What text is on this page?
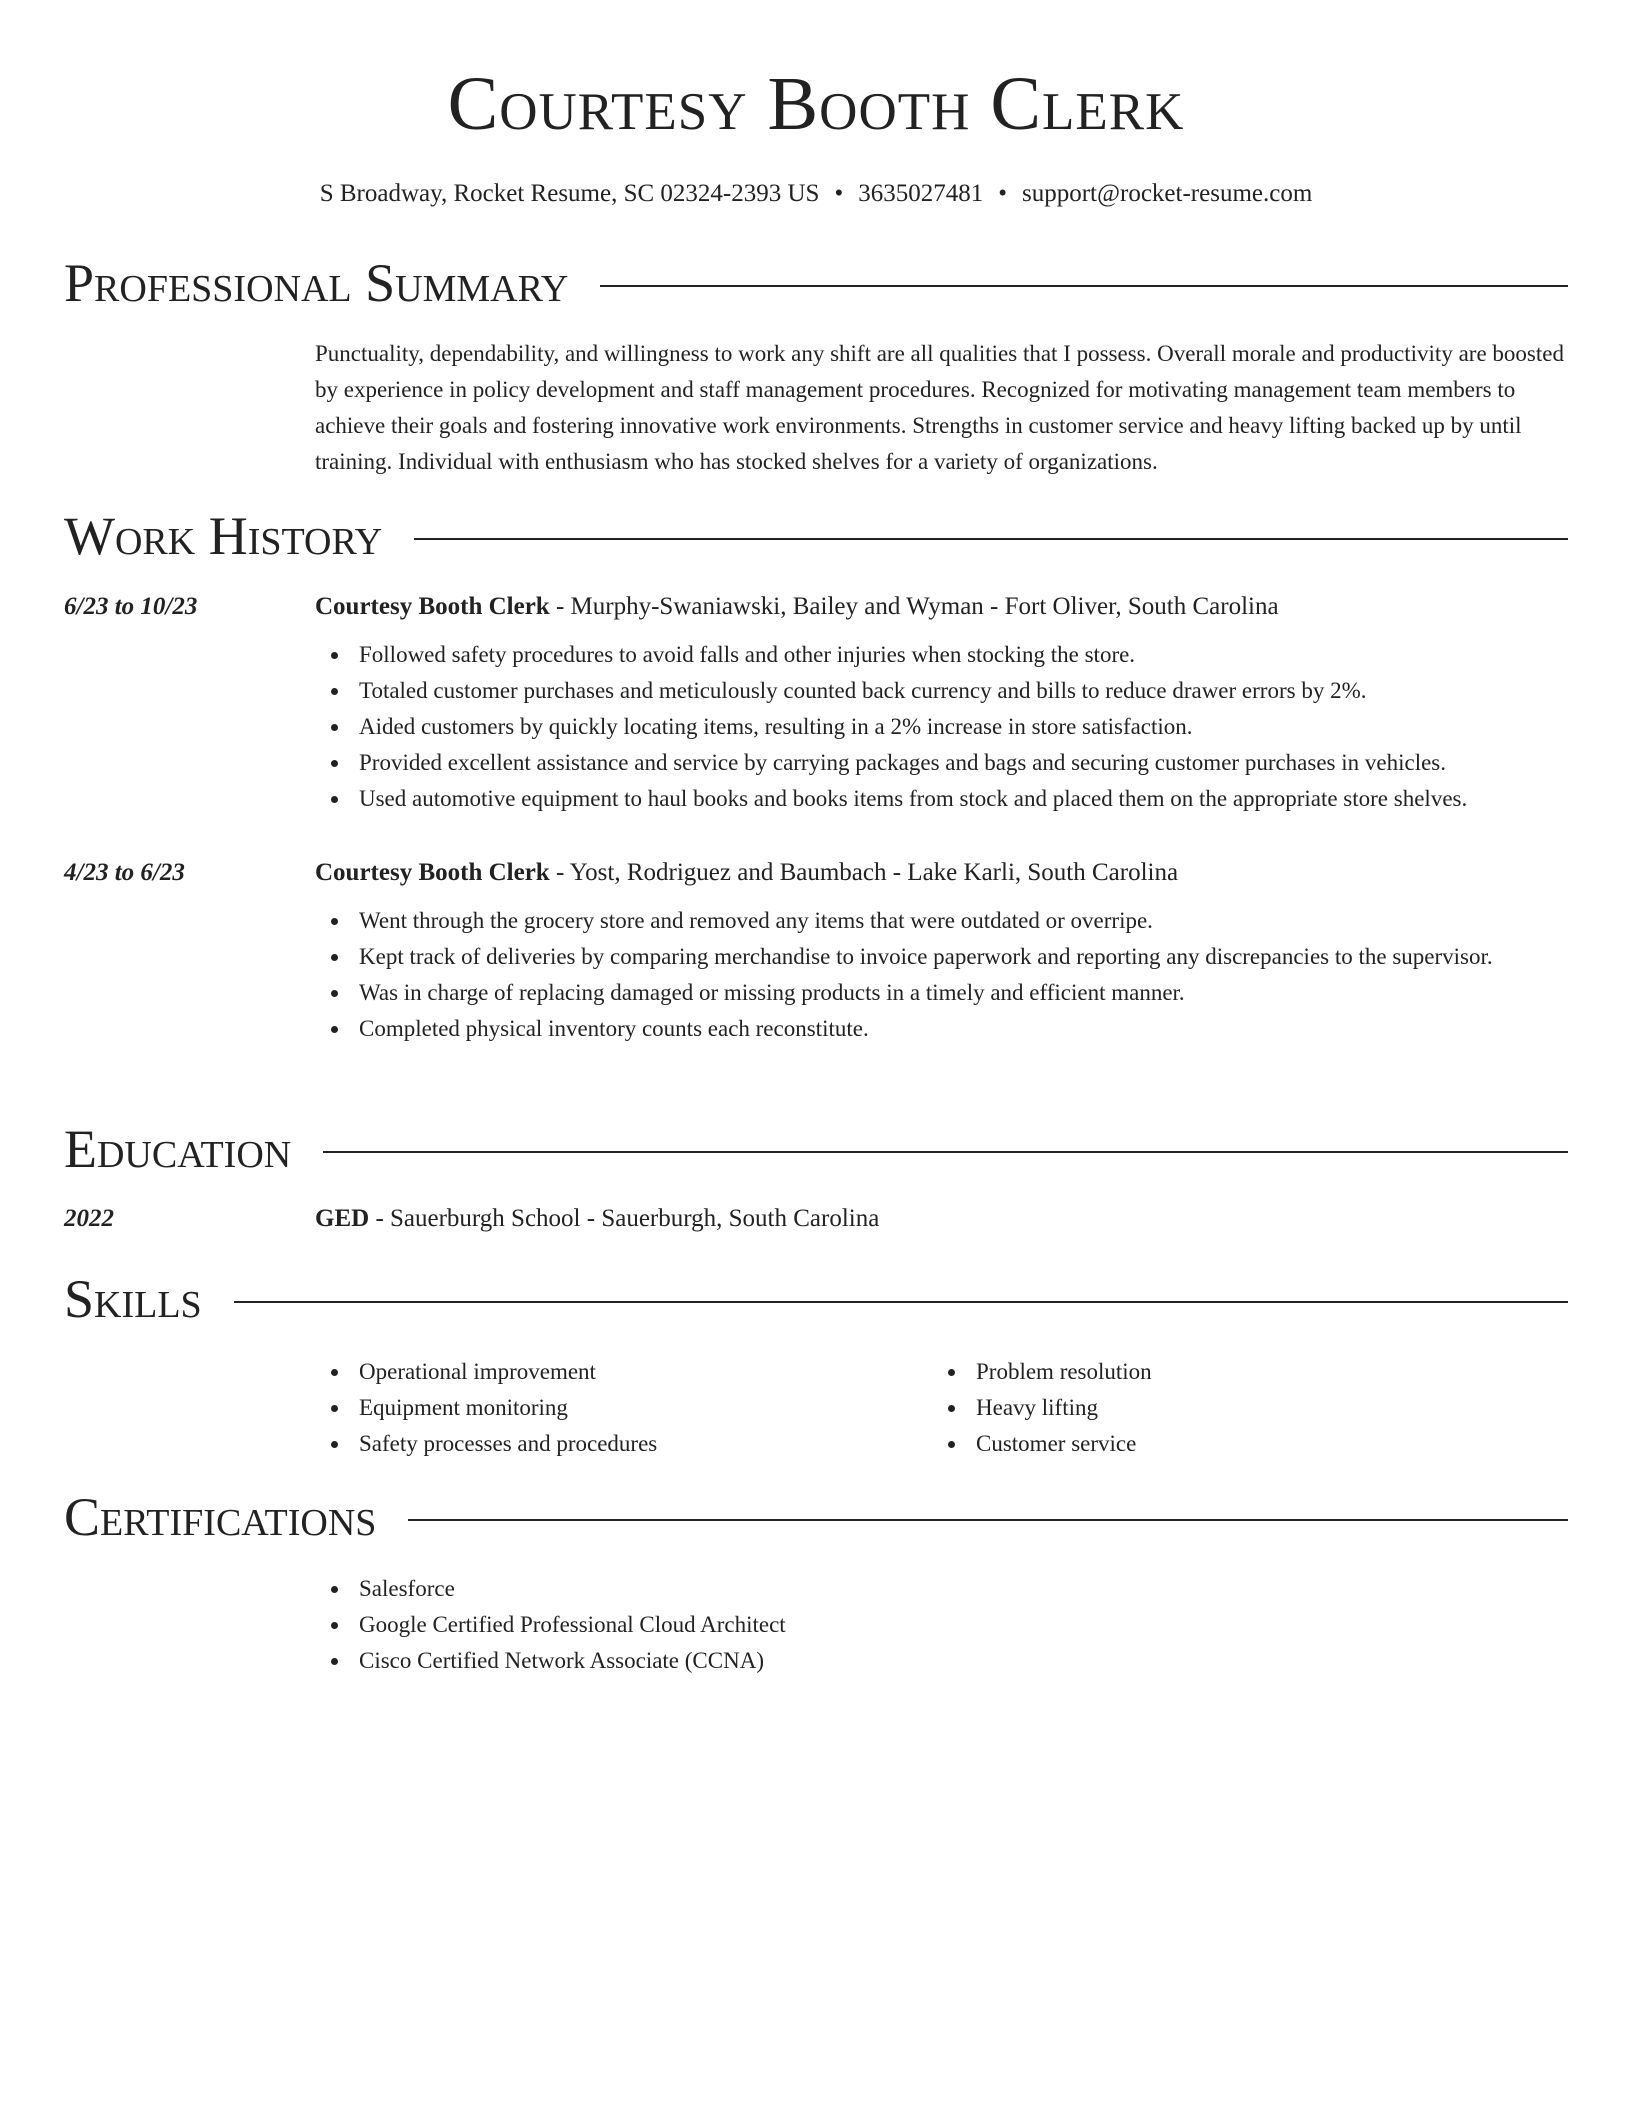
Courtesy Booth Clerk
S Broadway, Rocket Resume, SC 02324-2393 US • 3635027481 • support@rocket-resume.com
Professional Summary

Punctuality, dependability, and willingness to work any shift are all qualities that I possess. Overall morale and productivity are boosted by experience in policy development and staff management procedures. Recognized for motivating management team members to achieve their goals and fostering innovative work environments. Strengths in customer service and heavy lifting backed up by until training. Individual with enthusiasm who has stocked shelves for a variety of organizations.

Work History
6/23 to 10/23	Courtesy Booth Clerk - Murphy-Swaniawski, Bailey and Wyman - Fort Oliver, South Carolina
Followed safety procedures to avoid falls and other injuries when stocking the store.
Totaled customer purchases and meticulously counted back currency and bills to reduce drawer errors by 2%.
Aided customers by quickly locating items, resulting in a 2% increase in store satisfaction.
Provided excellent assistance and service by carrying packages and bags and securing customer purchases in vehicles.
Used automotive equipment to haul books and books items from stock and placed them on the appropriate store shelves.
4/23 to 6/23	Courtesy Booth Clerk - Yost, Rodriguez and Baumbach - Lake Karli, South Carolina
Went through the grocery store and removed any items that were outdated or overripe.
Kept track of deliveries by comparing merchandise to invoice paperwork and reporting any discrepancies to the supervisor.
Was in charge of replacing damaged or missing products in a timely and efficient manner.
Completed physical inventory counts each reconstitute.
Education
2022	GED - Sauerburgh School - Sauerburgh, South Carolina
Skills
Operational improvement
Equipment monitoring
Safety processes and procedures
Problem resolution
Heavy lifting
Customer service
Certifications
Salesforce
Google Certified Professional Cloud Architect
Cisco Certified Network Associate (CCNA)
